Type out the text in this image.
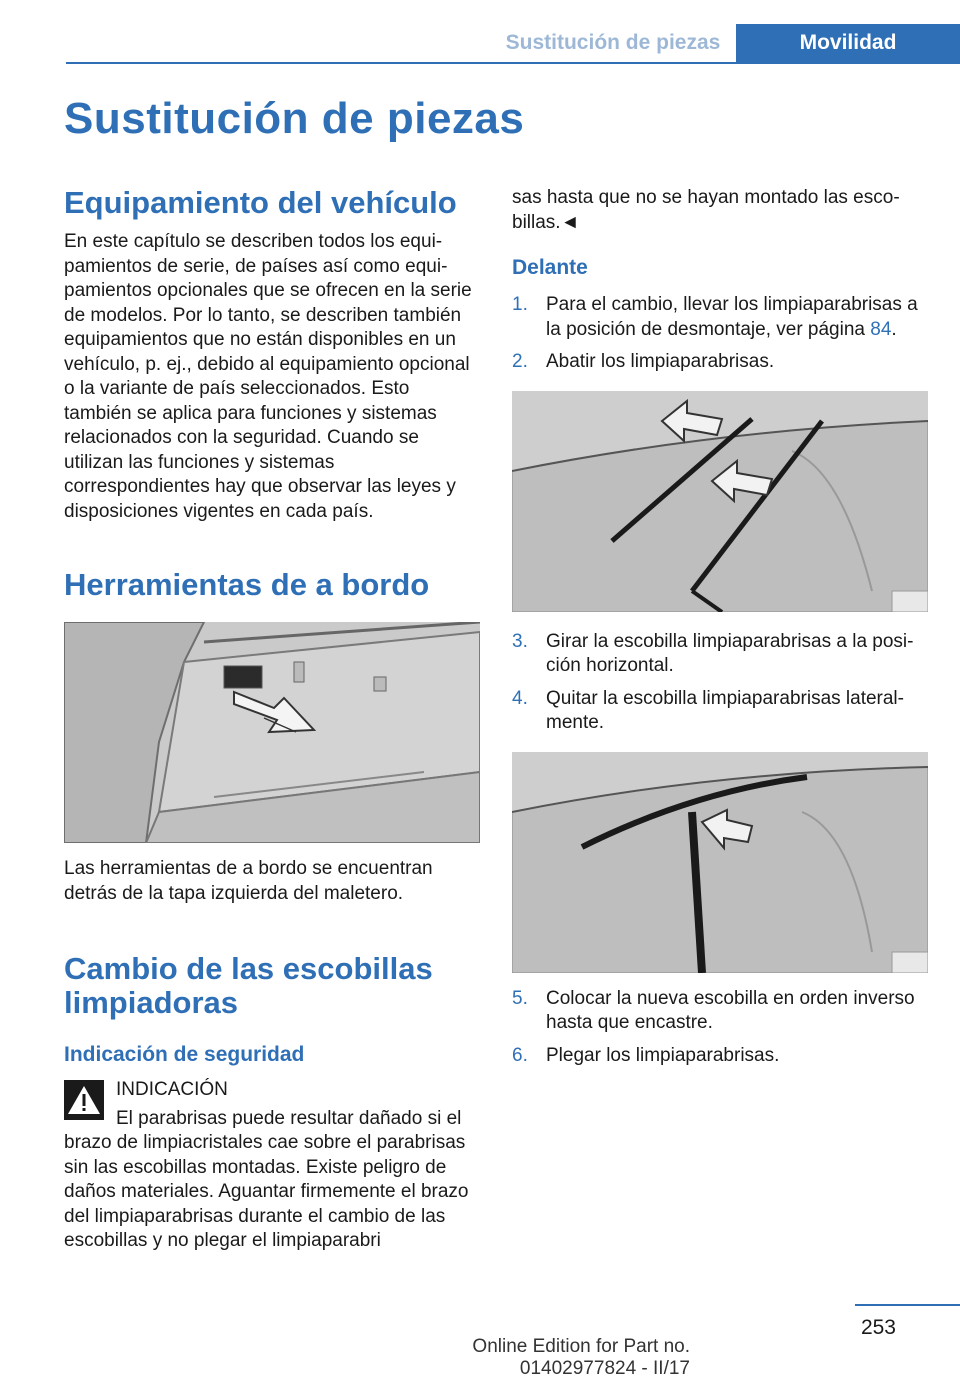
Sustitución de piezas	Movilidad
Sustitución de piezas
Equipamiento del vehículo

En este capítulo se describen todos los equipamientos de serie, de países así como equipamientos opcionales que se ofrecen en la serie de modelos. Por lo tanto, se describen también equipamientos que no están disponibles en un vehículo, p. ej., debido al equipamiento opcional o la variante de país seleccionados. Esto también se aplica para funciones y sistemas relacionados con la seguridad. Cuando se utilizan las funciones y sistemas correspondientes hay que observar las leyes y disposiciones vigentes en cada país.

Herramientas de a bordo

Las herramientas de a bordo se encuentran detrás de la tapa izquierda del maletero.

Cambio de las escobillas limpiadoras
Indicación de seguridad

INDICACIÓN

El parabrisas puede resultar dañado si el

brazo de limpiacristales cae sobre el parabrisas sin las escobillas montadas. Existe peligro de daños materiales. Aguantar firmemente el brazo del limpiaparabrisas durante el cambio de las escobillas y no plegar el limpiaparabri

sas hasta que no se hayan montado las escobillas.◄

Delante
1. Para el cambio, llevar los limpiaparabrisas a la posición de desmontaje, ver página 84.
2. Abatir los limpiaparabrisas.
3. Girar la escobilla limpiaparabrisas a la posición horizontal.
4. Quitar la escobilla limpiaparabrisas lateralmente.
5. Colocar la nueva escobilla en orden inverso hasta que encastre.
6. Plegar los limpiaparabrisas.
253
Online Edition for Part no. 01402977824 - II/17
